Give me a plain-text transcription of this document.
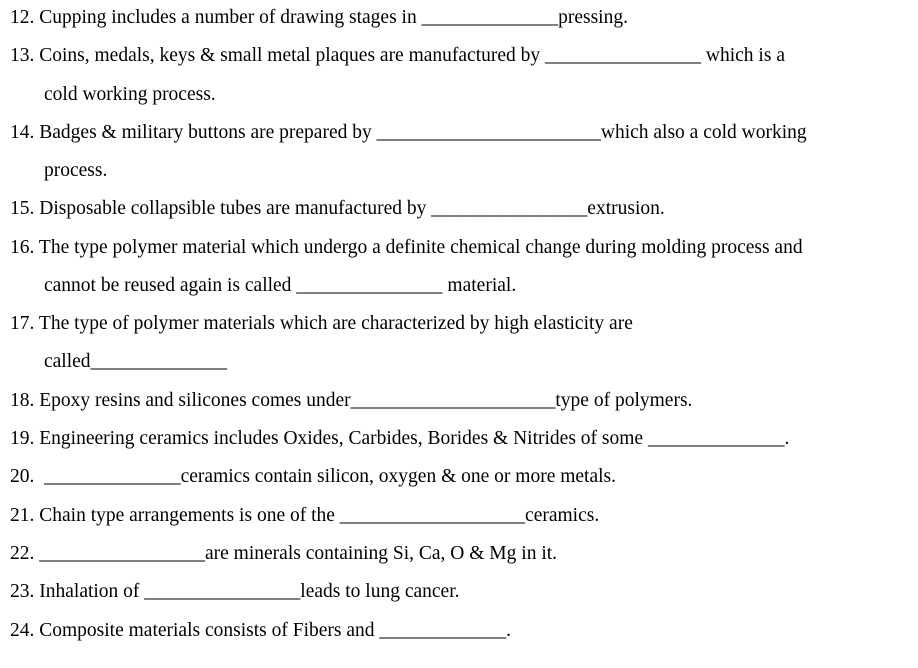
12. Cupping includes a number of drawing stages in ______________pressing.
13. Coins, medals, keys & small metal plaques are manufactured by ________________ which is a
cold working process.
14. Badges & military buttons are prepared by _______________________which also a cold working
process.
15. Disposable collapsible tubes are manufactured by ________________extrusion.
16. The type polymer material which undergo a definite chemical change during molding process and
cannot be reused again is called _______________ material.
17. The type of polymer materials which are characterized by high elasticity are
called______________
18. Epoxy resins and silicones comes under_____________________type of polymers.
19. Engineering ceramics includes Oxides, Carbides, Borides & Nitrides of some ______________.
20.  ______________ceramics contain silicon, oxygen & one or more metals.
21. Chain type arrangements is one of the ___________________ceramics.
22. _________________are minerals containing Si, Ca, O & Mg in it.
23. Inhalation of ________________leads to lung cancer.
24. Composite materials consists of Fibers and _____________.
